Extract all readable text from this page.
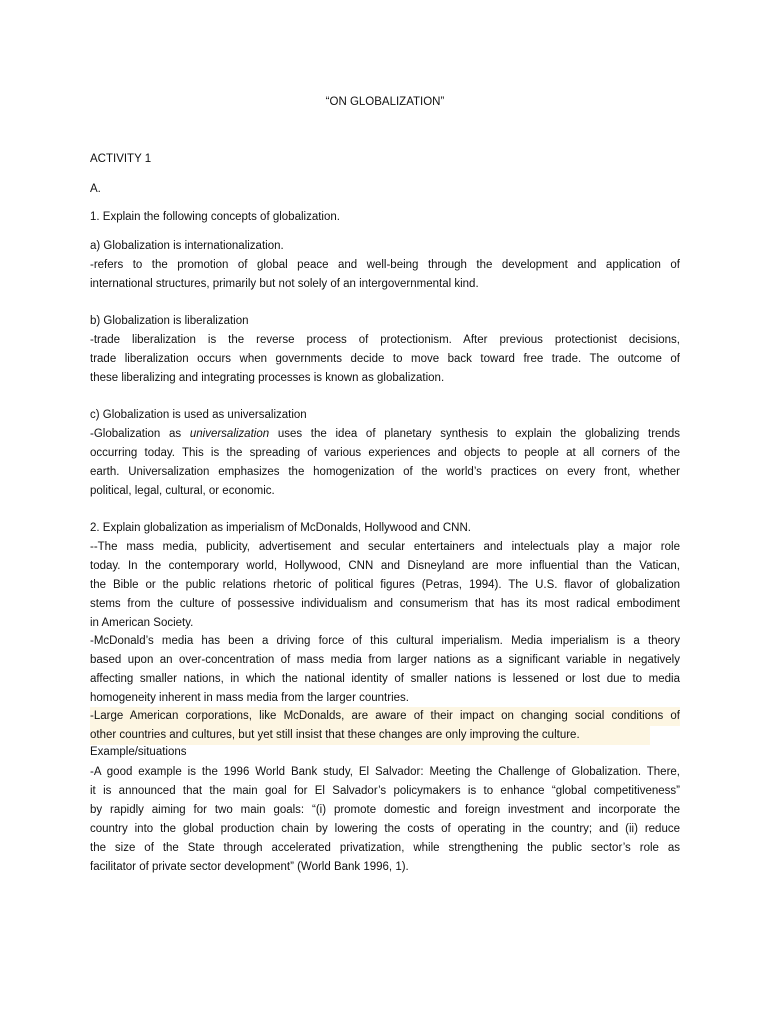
“ON GLOBALIZATION”
ACTIVITY 1
A.
1. Explain the following concepts of globalization.
a) Globalization is internationalization.
-refers to the promotion of global peace and well-being through the development and application of
international structures, primarily but not solely of an intergovernmental kind.
b) Globalization is liberalization
-trade liberalization is the reverse process of protectionism. After previous protectionist decisions,
trade liberalization occurs when governments decide to move back toward free trade. The outcome of
these liberalizing and integrating processes is known as globalization.
c) Globalization is used as universalization
-Globalization as universalization uses the idea of planetary synthesis to explain the globalizing trends
occurring today. This is the spreading of various experiences and objects to people at all corners of the
earth. Universalization emphasizes the homogenization of the world’s practices on every front, whether
political, legal, cultural, or economic.
2. Explain globalization as imperialism of McDonalds, Hollywood and CNN.
--The mass media, publicity, advertisement and secular entertainers and intelectuals play a major role
today. In the contemporary world, Hollywood, CNN and Disneyland are more influential than the Vatican,
the Bible or the public relations rhetoric of political figures (Petras, 1994). The U.S. flavor of globalization
stems from the culture of possessive individualism and consumerism that has its most radical embodiment
in American Society.
-McDonald’s media has been a driving force of this cultural imperialism. Media imperialism is a theory
based upon an over-concentration of mass media from larger nations as a significant variable in negatively
affecting smaller nations, in which the national identity of smaller nations is lessened or lost due to media
homogeneity inherent in mass media from the larger countries.
-Large American corporations, like McDonalds, are aware of their impact on changing social conditions of
other countries and cultures, but yet still insist that these changes are only improving the culture.
Example/situations
-A good example is the 1996 World Bank study, El Salvador: Meeting the Challenge of Globalization. There,
it is announced that the main goal for El Salvador’s policymakers is to enhance “global competitiveness”
by rapidly aiming for two main goals: “(i) promote domestic and foreign investment and incorporate the
country into the global production chain by lowering the costs of operating in the country; and (ii) reduce
the size of the State through accelerated privatization, while strengthening the public sector’s role as
facilitator of private sector development” (World Bank 1996, 1).
